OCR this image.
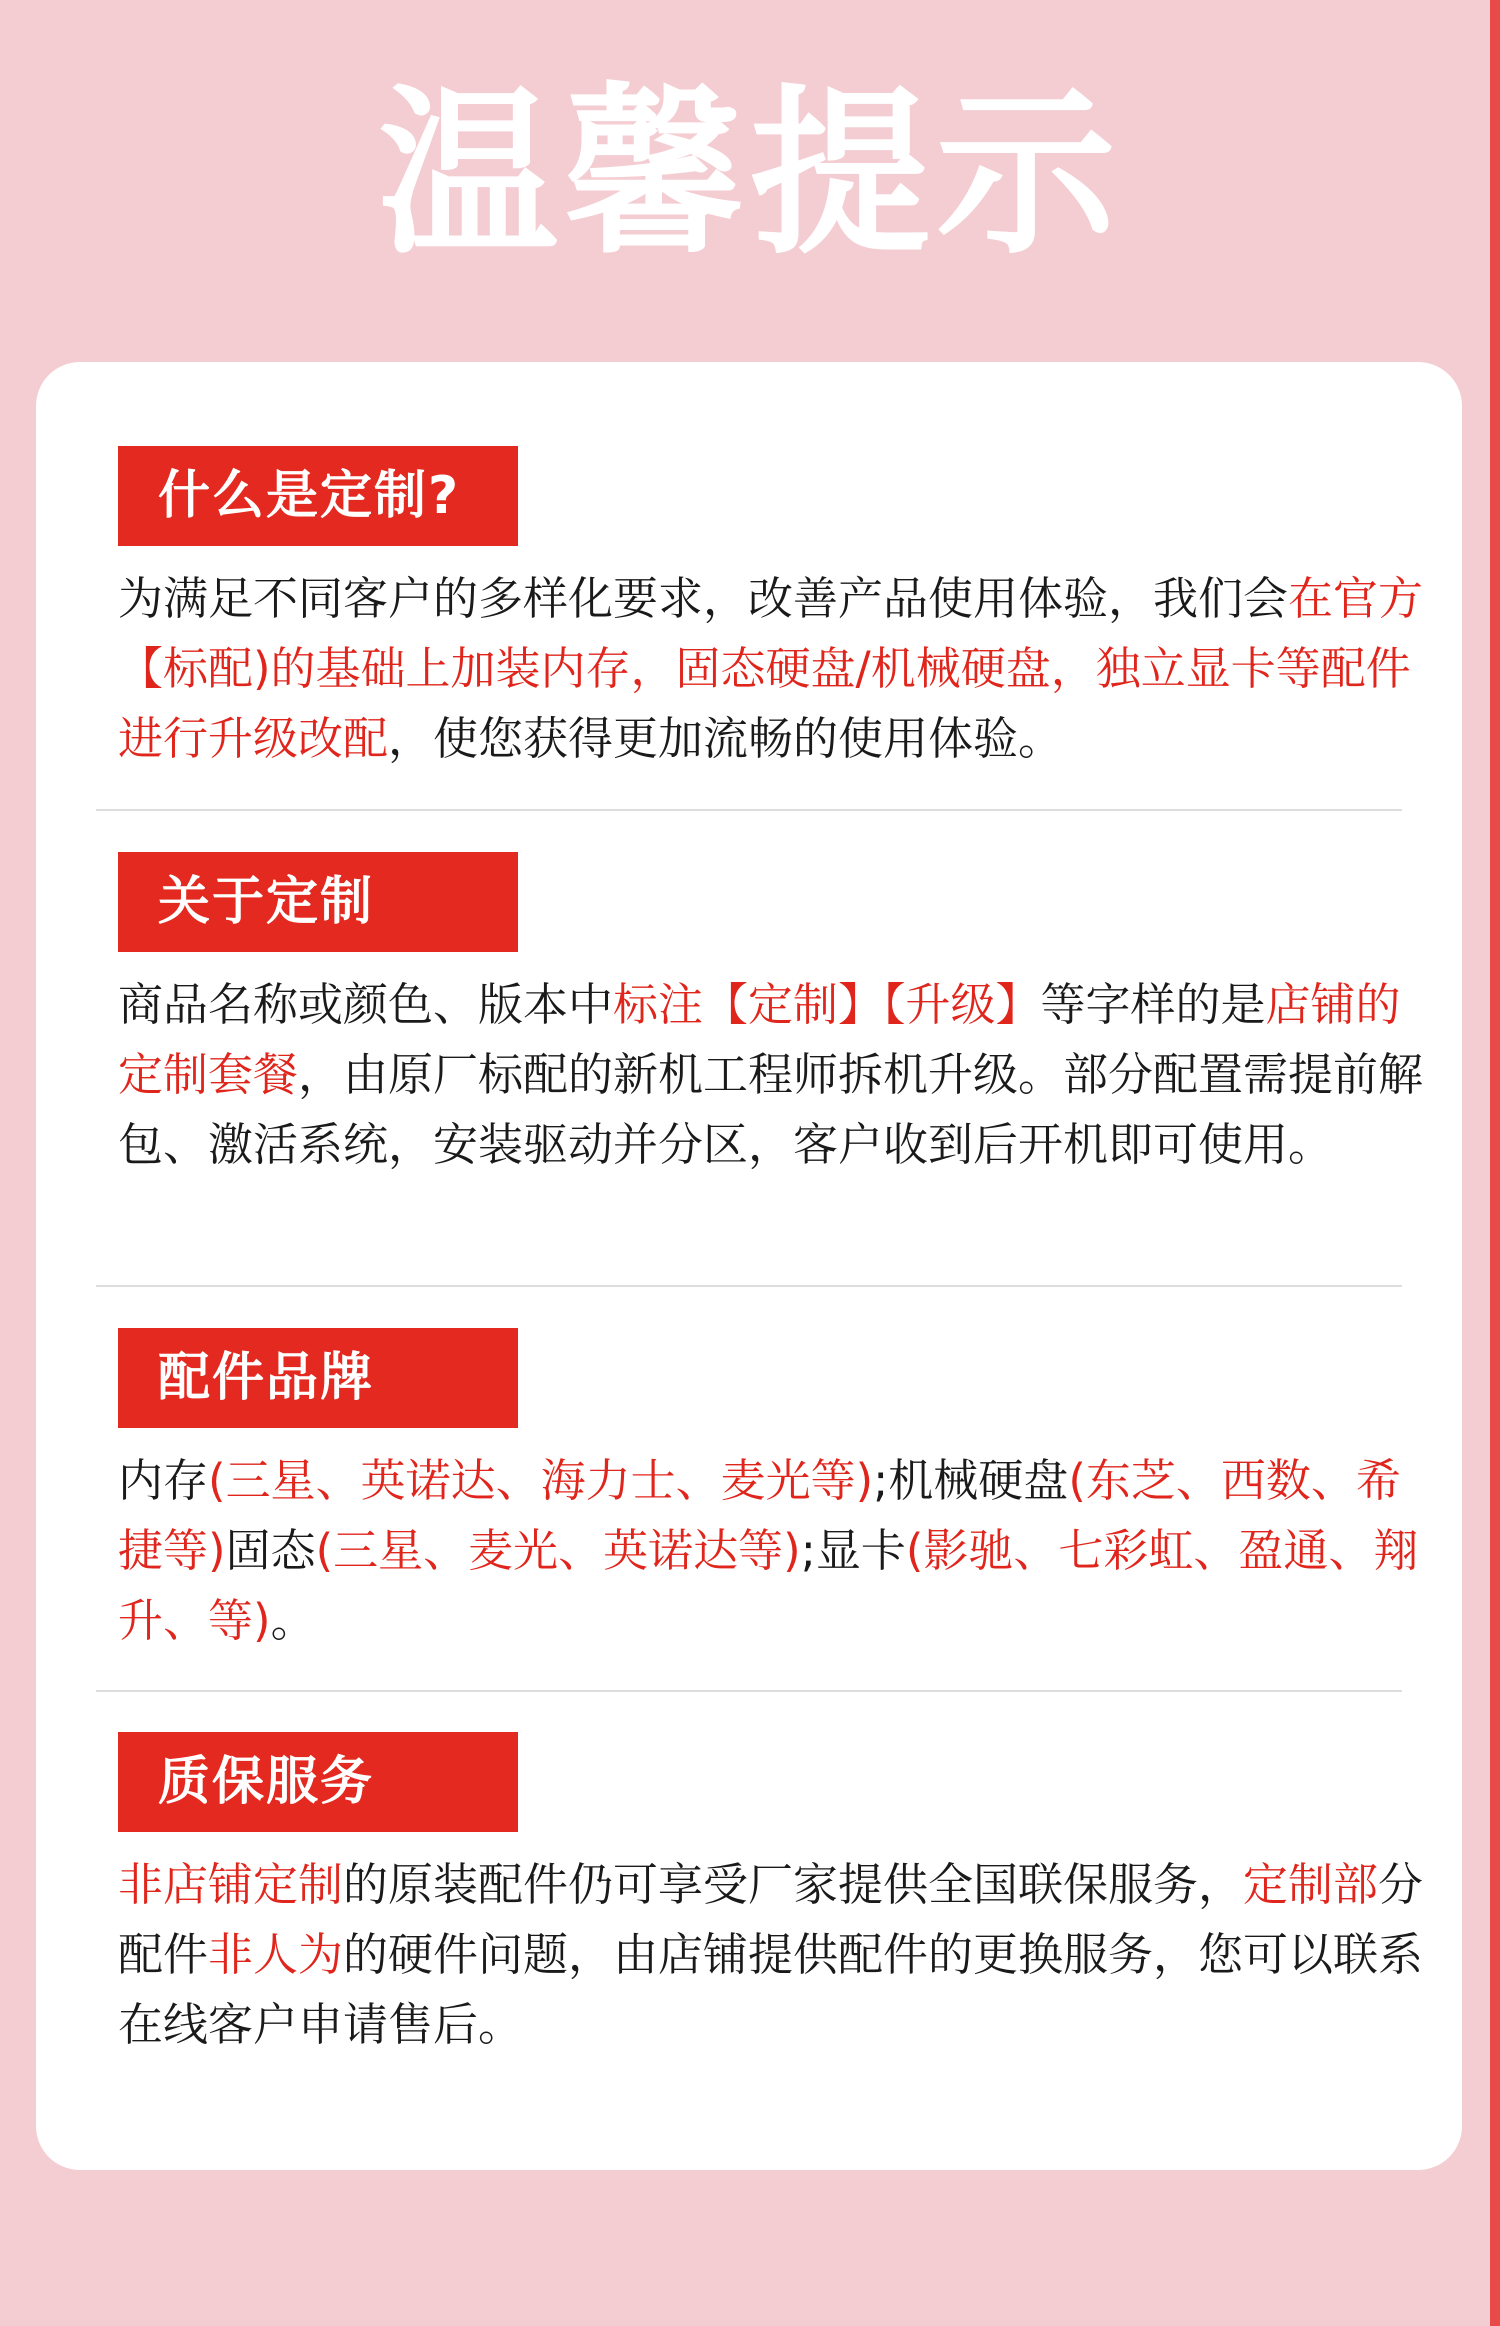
温馨提示
什么是定制?

为满足不同客户的多样化要求，改善产品使用体验，我们会在官方【标配)的基础上加装内存，固态硬盘/机械硬盘，独立显卡等配件进行升级改配，使您获得更加流畅的使用体验。

关于定制

商品名称或颜色、版本中标注【定制】【升级】等字样的是店铺的定制套餐，由原厂标配的新机工程师拆机升级。部分配置需提前解包、激活系统，安装驱动并分区，客户收到后开机即可使用。

配件品牌

内存(三星、英诺达、海力士、麦光等);机械硬盘(东芝、西数、希捷等)固态(三星、麦光、英诺达等);显卡(影驰、七彩虹、盈通、翔升、等)。

质保服务

非店铺定制的原装配件仍可享受厂家提供全国联保服务，定制部分配件非人为的硬件问题，由店铺提供配件的更换服务，您可以联系在线客户申请售后。
